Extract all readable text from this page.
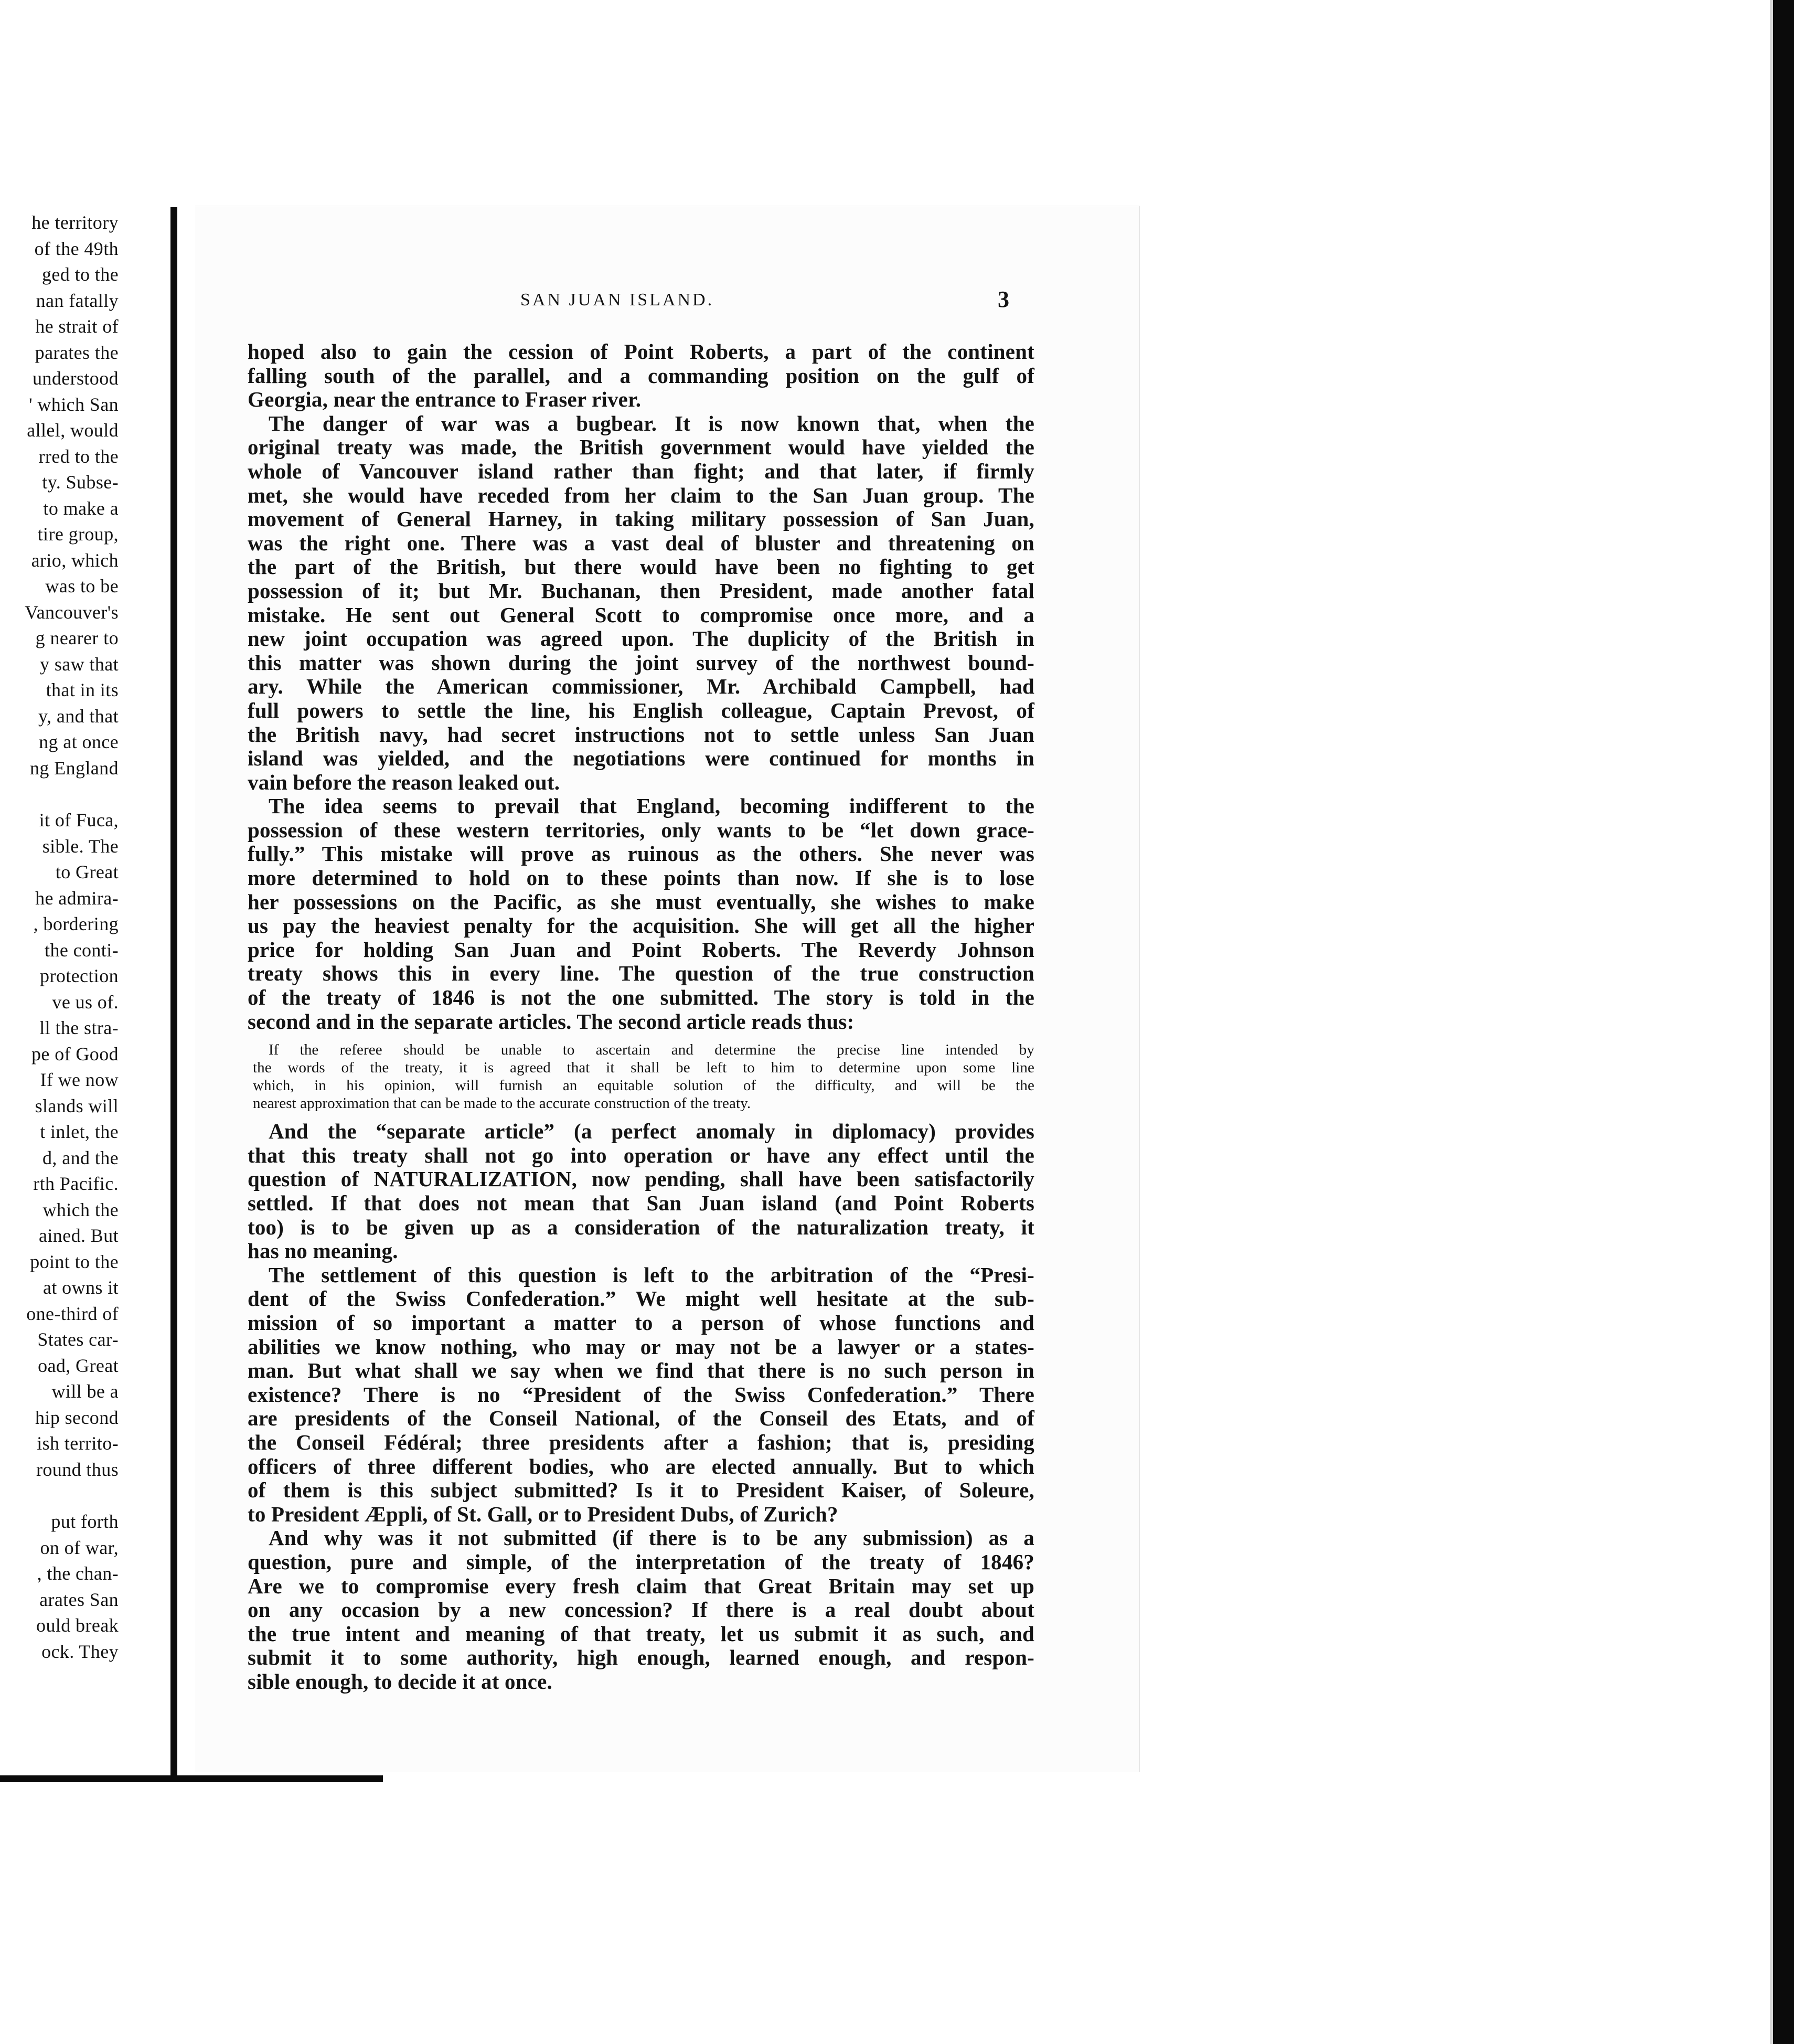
he territory
of the 49th
ged to the
nan fatally
he strait of
parates the
understood
' which San
allel, would
rred to the
ty. Subse-
to make a
tire group,
ario, which
was to be
Vancouver's
g nearer to
y saw that
that in its
y, and that
ng at once
ng England
it of Fuca,
sible. The
to Great
he admira-
, bordering
the conti-
protection
ve us of.
ll the stra-
pe of Good
If we now
slands will
t inlet, the
d, and the
rth Pacific.
which the
ained. But
point to the
at owns it
one-third of
States car-
oad, Great
will be a
hip second
ish territo-
round thus
put forth
on of war,
, the chan-
arates San
ould break
ock. They
SAN JUAN ISLAND.	3
hoped also to gain the cession of Point Roberts, a part of the continent
falling south of the parallel, and a commanding position on the gulf of
Georgia, near the entrance to Fraser river.
The danger of war was a bugbear. It is now known that, when the
original treaty was made, the British government would have yielded the
whole of Vancouver island rather than fight; and that later, if firmly
met, she would have receded from her claim to the San Juan group. The
movement of General Harney, in taking military possession of San Juan,
was the right one. There was a vast deal of bluster and threatening on
the part of the British, but there would have been no fighting to get
possession of it; but Mr. Buchanan, then President, made another fatal
mistake. He sent out General Scott to compromise once more, and a
new joint occupation was agreed upon. The duplicity of the British in
this matter was shown during the joint survey of the northwest bound-
ary. While the American commissioner, Mr. Archibald Campbell, had
full powers to settle the line, his English colleague, Captain Prevost, of
the British navy, had secret instructions not to settle unless San Juan
island was yielded, and the negotiations were continued for months in
vain before the reason leaked out.
The idea seems to prevail that England, becoming indifferent to the
possession of these western territories, only wants to be “let down grace-
fully.” This mistake will prove as ruinous as the others. She never was
more determined to hold on to these points than now. If she is to lose
her possessions on the Pacific, as she must eventually, she wishes to make
us pay the heaviest penalty for the acquisition. She will get all the higher
price for holding San Juan and Point Roberts. The Reverdy Johnson
treaty shows this in every line. The question of the true construction
of the treaty of 1846 is not the one submitted. The story is told in the
second and in the separate articles. The second article reads thus:
If the referee should be unable to ascertain and determine the precise line intended by
the words of the treaty, it is agreed that it shall be left to him to determine upon some line
which, in his opinion, will furnish an equitable solution of the difficulty, and will be the
nearest approximation that can be made to the accurate construction of the treaty.
And the “separate article” (a perfect anomaly in diplomacy) provides
that this treaty shall not go into operation or have any effect until the
question of NATURALIZATION, now pending, shall have been satisfactorily
settled. If that does not mean that San Juan island (and Point Roberts
too) is to be given up as a consideration of the naturalization treaty, it
has no meaning.
The settlement of this question is left to the arbitration of the “Presi-
dent of the Swiss Confederation.” We might well hesitate at the sub-
mission of so important a matter to a person of whose functions and
abilities we know nothing, who may or may not be a lawyer or a states-
man. But what shall we say when we find that there is no such person in
existence? There is no “President of the Swiss Confederation.” There
are presidents of the Conseil National, of the Conseil des Etats, and of
the Conseil Fédéral; three presidents after a fashion; that is, presiding
officers of three different bodies, who are elected annually. But to which
of them is this subject submitted? Is it to President Kaiser, of Soleure,
to President Æppli, of St. Gall, or to President Dubs, of Zurich?
And why was it not submitted (if there is to be any submission) as a
question, pure and simple, of the interpretation of the treaty of 1846?
Are we to compromise every fresh claim that Great Britain may set up
on any occasion by a new concession? If there is a real doubt about
the true intent and meaning of that treaty, let us submit it as such, and
submit it to some authority, high enough, learned enough, and respon-
sible enough, to decide it at once.
